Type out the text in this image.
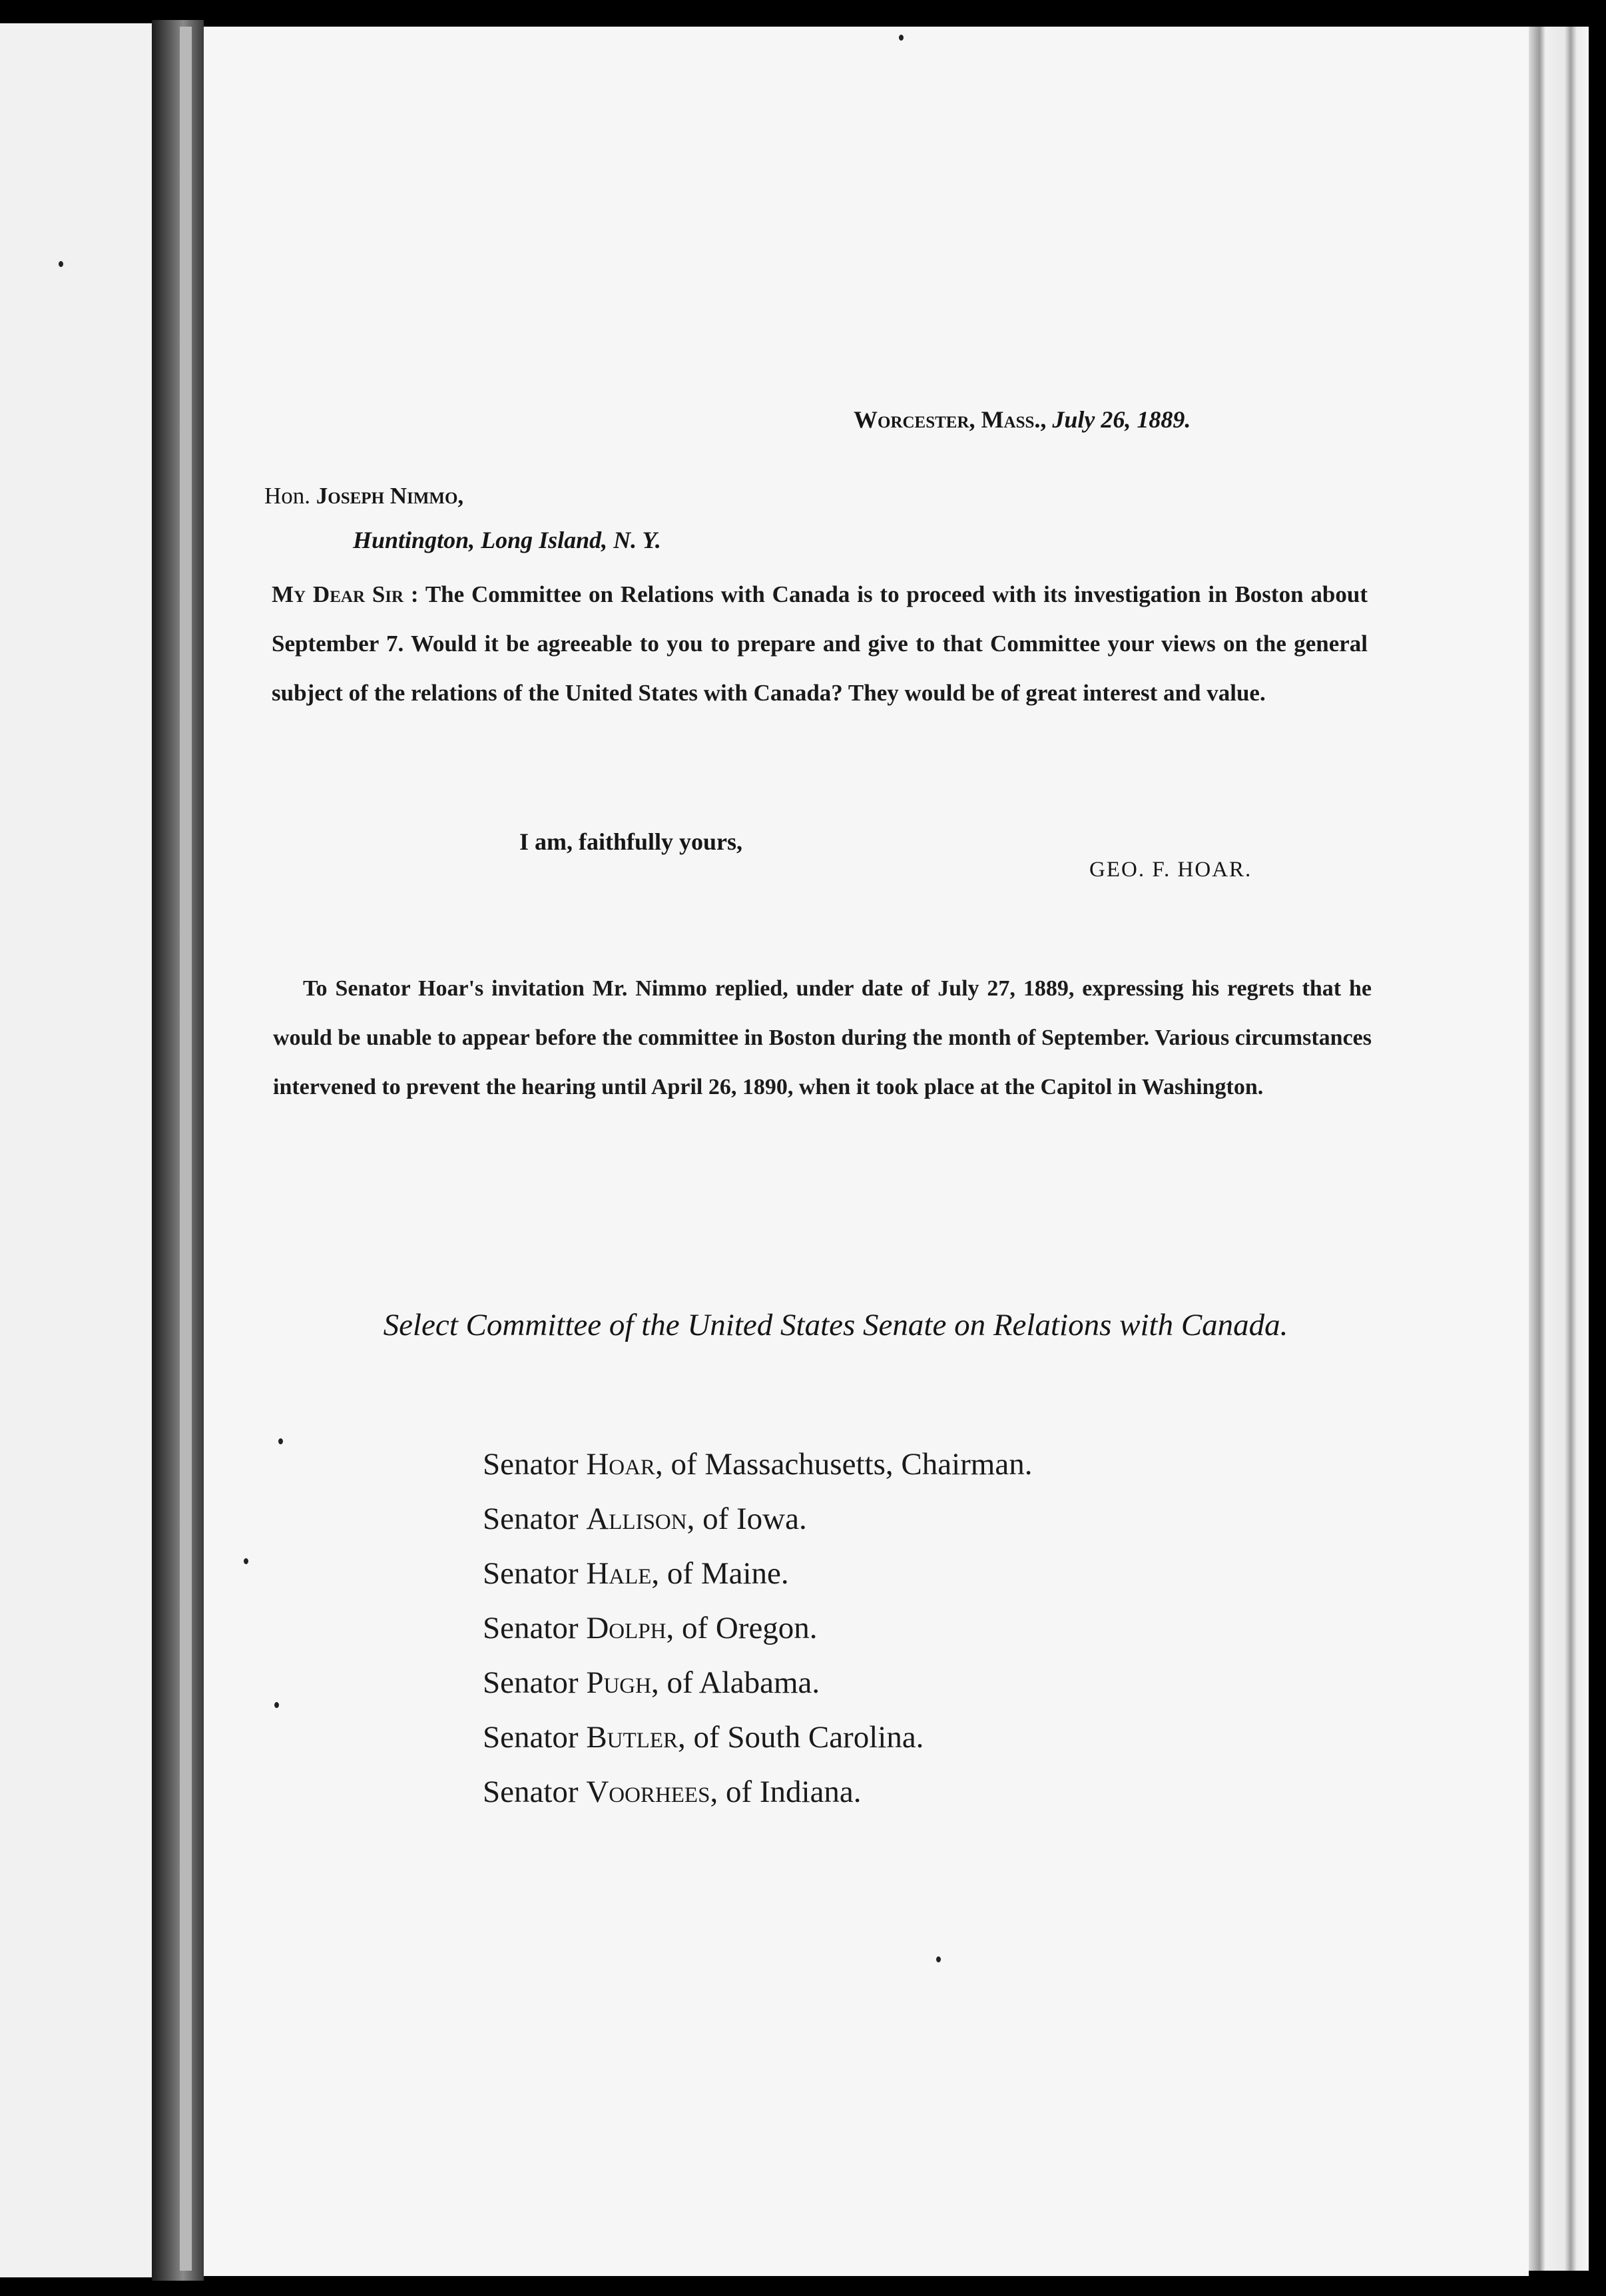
Worcester, Mass., July 26, 1889.
Hon. Joseph Nimmo,
Huntington, Long Island, N. Y.
My Dear Sir : The Committee on Relations with Canada is to proceed with its investigation in Boston about September 7. Would it be agreeable to you to prepare and give to that Committee your views on the general subject of the relations of the United States with Canada? They would be of great interest and value.
I am, faithfully yours,
GEO. F. HOAR.
To Senator Hoar's invitation Mr. Nimmo replied, under date of July 27, 1889, expressing his regrets that he would be unable to appear before the committee in Boston during the month of September. Various circumstances intervened to prevent the hearing until April 26, 1890, when it took place at the Capitol in Washington.
Select Committee of the United States Senate on Relations with Canada.
Senator Hoar, of Massachusetts, Chairman.
Senator Allison, of Iowa.
Senator Hale, of Maine.
Senator Dolph, of Oregon.
Senator Pugh, of Alabama.
Senator Butler, of South Carolina.
Senator Voorhees, of Indiana.
